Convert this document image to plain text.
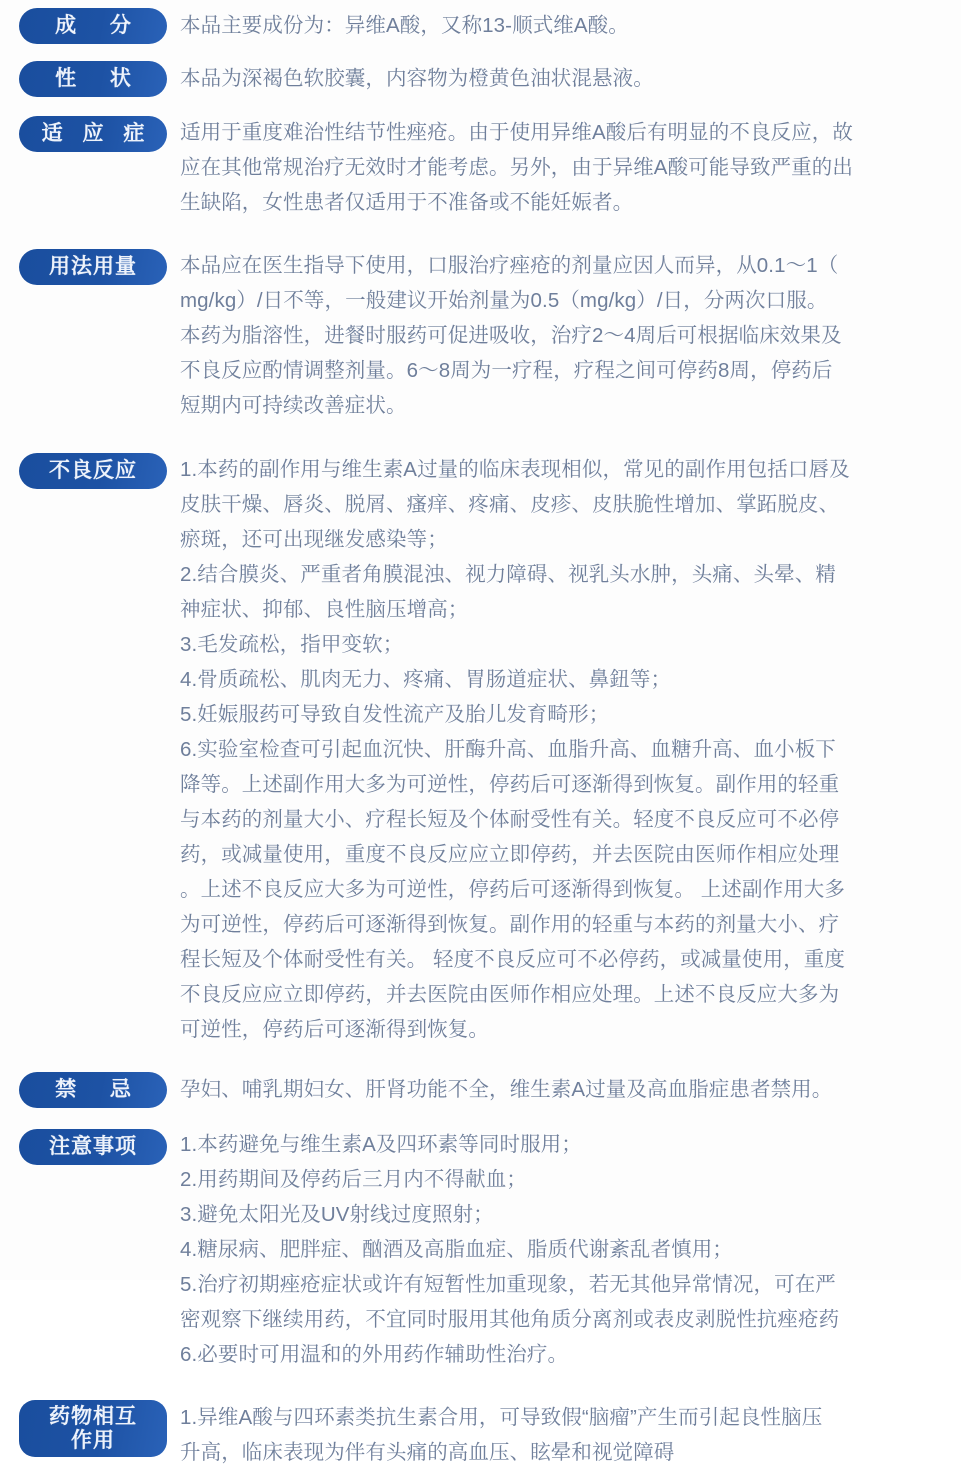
成 分 本品主要成份为：异维A酸，又称13-顺式维A酸。

性 状 本品为深褐色软胶囊，内容物为橙黄色油状混悬液。

适 应 症 适用于重度难治性结节性痤疮。由于使用异维A酸后有明显的不良反应，故
应在其他常规治疗无效时才能考虑。另外，由于异维A酸可能导致严重的出
生缺陷，女性患者仅适用于不准备或不能妊娠者。

用法用量 本品应在医生指导下使用，口服治疗痤疮的剂量应因人而异，从0.1～1（
mg/kg）/日不等，一般建议开始剂量为0.5（mg/kg）/日，分两次口服。
本药为脂溶性，进餐时服药可促进吸收，治疗2～4周后可根据临床效果及
不良反应酌情调整剂量。6～8周为一疗程，疗程之间可停药8周，停药后
短期内可持续改善症状。

不良反应 1.本药的副作用与维生素A过量的临床表现相似，常见的副作用包括口唇及
皮肤干燥、唇炎、脱屑、瘙痒、疼痛、皮疹、皮肤脆性增加、掌跖脱皮、
瘀斑，还可出现继发感染等；
2.结合膜炎、严重者角膜混浊、视力障碍、视乳头水肿，头痛、头晕、精
神症状、抑郁、良性脑压增高；
3.毛发疏松，指甲变软；
4.骨质疏松、肌肉无力、疼痛、胃肠道症状、鼻鈕等；
5.妊娠服药可导致自发性流产及胎儿发育畸形；
6.实验室检查可引起血沉快、肝酶升高、血脂升高、血糖升高、血小板下
降等。上述副作用大多为可逆性，停药后可逐渐得到恢复。副作用的轻重
与本药的剂量大小、疗程长短及个体耐受性有关。轻度不良反应可不必停
药，或减量使用，重度不良反应应立即停药，并去医院由医师作相应处理
。上述不良反应大多为可逆性，停药后可逐渐得到恢复。 上述副作用大多
为可逆性，停药后可逐渐得到恢复。副作用的轻重与本药的剂量大小、疗
程长短及个体耐受性有关。 轻度不良反应可不必停药，或减量使用，重度
不良反应应立即停药，并去医院由医师作相应处理。上述不良反应大多为
可逆性，停药后可逐渐得到恢复。

禁 忌 孕妇、哺乳期妇女、肝肾功能不全，维生素A过量及高血脂症患者禁用。

注意事项 1.本药避免与维生素A及四环素等同时服用；
2.用药期间及停药后三月内不得献血；
3.避免太阳光及UV射线过度照射；
4.糖尿病、肥胖症、酗酒及高脂血症、脂质代谢紊乱者慎用；
5.治疗初期痤疮症状或许有短暂性加重现象，若无其他异常情况，可在严
密观察下继续用药，不宜同时服用其他角质分离剂或表皮剥脱性抗痤疮药
6.必要时可用温和的外用药作辅助性治疗。

药物相互
作用

1.异维A酸与四环素类抗生素合用，可导致假“脑瘤”产生而引起良性脑压
升高，临床表现为伴有头痛的高血压、眩晕和视觉障碍
